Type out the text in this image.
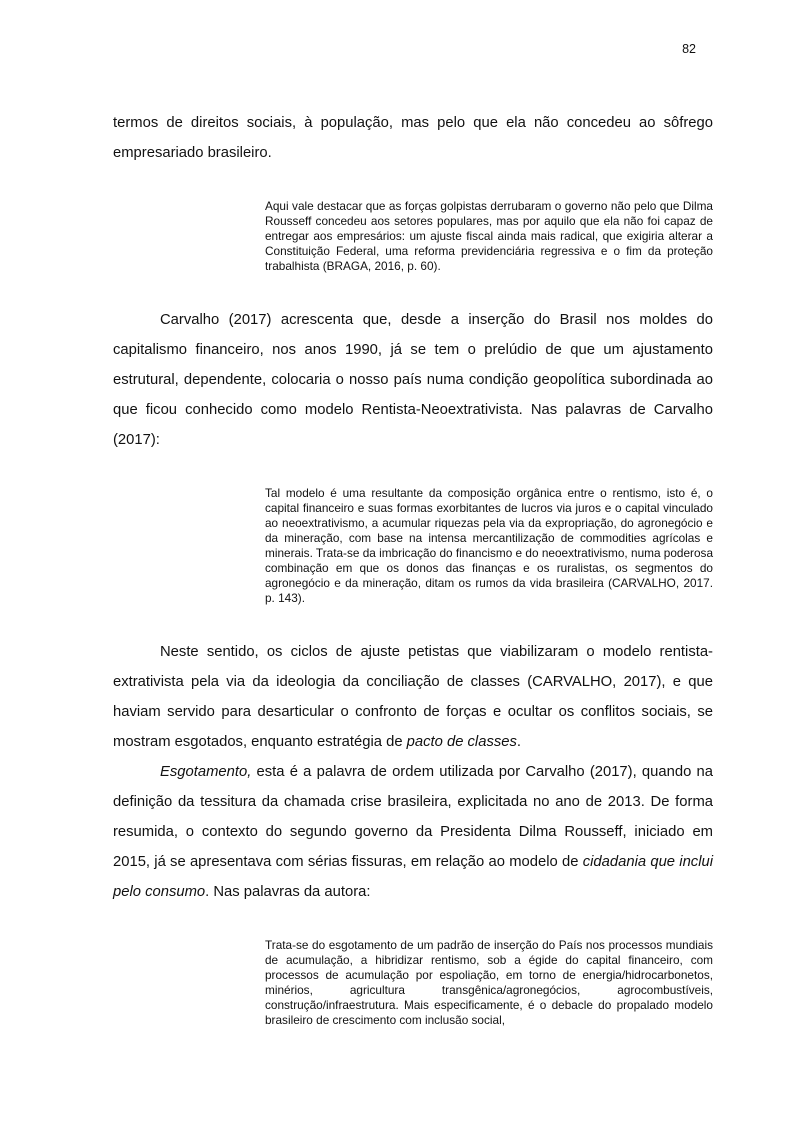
82

termos de direitos sociais, à população, mas pelo que ela não concedeu ao sôfrego empresariado brasileiro.

Aqui vale destacar que as forças golpistas derrubaram o governo não pelo que Dilma Rousseff concedeu aos setores populares, mas por aquilo que ela não foi capaz de entregar aos empresários: um ajuste fiscal ainda mais radical, que exigiria alterar a Constituição Federal, uma reforma previdenciária regressiva e o fim da proteção trabalhista (BRAGA, 2016, p. 60).

Carvalho (2017) acrescenta que, desde a inserção do Brasil nos moldes do capitalismo financeiro, nos anos 1990, já se tem o prelúdio de que um ajustamento estrutural, dependente, colocaria o nosso país numa condição geopolítica subordinada ao que ficou conhecido como modelo Rentista-Neoextrativista. Nas palavras de Carvalho (2017):

Tal modelo é uma resultante da composição orgânica entre o rentismo, isto é, o capital financeiro e suas formas exorbitantes de lucros via juros e o capital vinculado ao neoextrativismo, a acumular riquezas pela via da expropriação, do agronegócio e da mineração, com base na intensa mercantilização de commodities agrícolas e minerais. Trata-se da imbricação do financismo e do neoextrativismo, numa poderosa combinação em que os donos das finanças e os ruralistas, os segmentos do agronegócio e da mineração, ditam os rumos da vida brasileira (CARVALHO, 2017. p. 143).

Neste sentido, os ciclos de ajuste petistas que viabilizaram o modelo rentista-extrativista pela via da ideologia da conciliação de classes (CARVALHO, 2017), e que haviam servido para desarticular o confronto de forças e ocultar os conflitos sociais, se mostram esgotados, enquanto estratégia de pacto de classes.

Esgotamento, esta é a palavra de ordem utilizada por Carvalho (2017), quando na definição da tessitura da chamada crise brasileira, explicitada no ano de 2013. De forma resumida, o contexto do segundo governo da Presidenta Dilma Rousseff, iniciado em 2015, já se apresentava com sérias fissuras, em relação ao modelo de cidadania que inclui pelo consumo. Nas palavras da autora:

Trata-se do esgotamento de um padrão de inserção do País nos processos mundiais de acumulação, a hibridizar rentismo, sob a égide do capital financeiro, com processos de acumulação por espoliação, em torno de energia/hidrocarbonetos, minérios, agricultura transgênica/agronegócios, agrocombustíveis, construção/infraestrutura. Mais especificamente, é o debacle do propalado modelo brasileiro de crescimento com inclusão social,
